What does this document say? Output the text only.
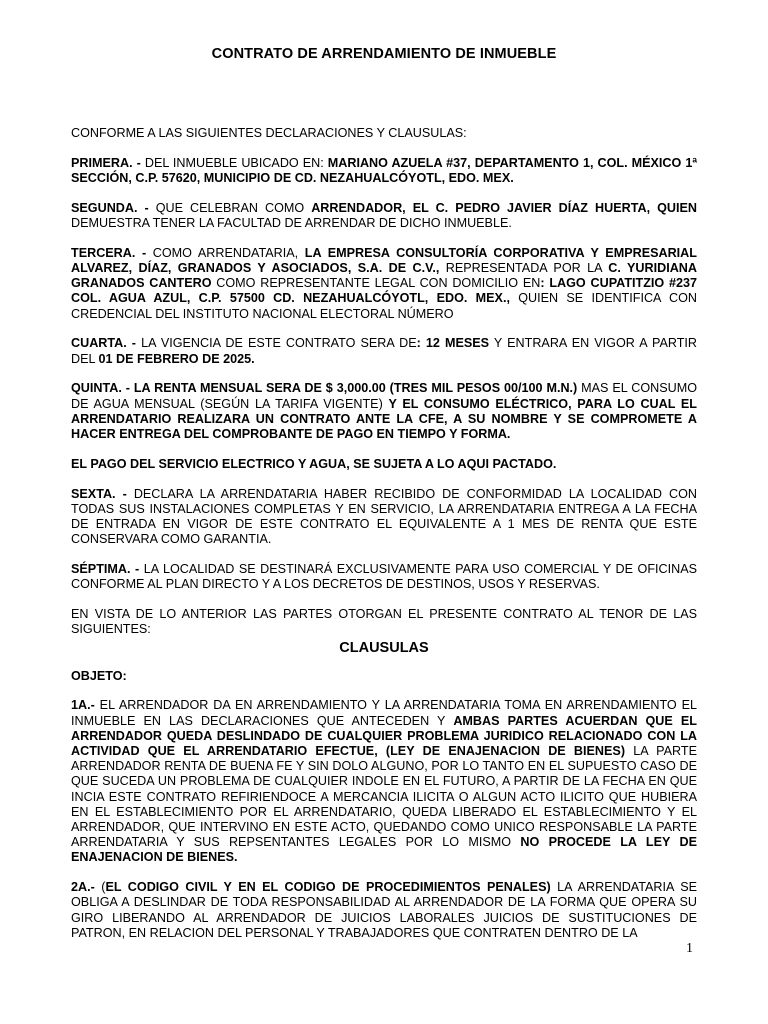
CONTRATO DE ARRENDAMIENTO DE INMUEBLE

CONFORME A LAS SIGUIENTES DECLARACIONES Y CLAUSULAS:

PRIMERA. - DEL INMUEBLE UBICADO EN: MARIANO AZUELA #37, DEPARTAMENTO 1, COL. MÉXICO 1ª SECCIÓN, C.P. 57620, MUNICIPIO DE CD. NEZAHUALCÓYOTL, EDO. MEX.

SEGUNDA. - QUE CELEBRAN COMO ARRENDADOR, EL C. PEDRO JAVIER DÍAZ HUERTA, QUIEN DEMUESTRA TENER LA FACULTAD DE ARRENDAR DE DICHO INMUEBLE.

TERCERA. - COMO ARRENDATARIA, LA EMPRESA CONSULTORÍA CORPORATIVA Y EMPRESARIAL ALVAREZ, DÍAZ, GRANADOS Y ASOCIADOS, S.A. DE C.V., REPRESENTADA POR LA C. YURIDIANA GRANADOS CANTERO COMO REPRESENTANTE LEGAL CON DOMICILIO EN: LAGO CUPATITZIO #237 COL. AGUA AZUL, C.P. 57500 CD. NEZAHUALCÓYOTL, EDO. MEX., QUIEN SE IDENTIFICA CON CREDENCIAL DEL INSTITUTO NACIONAL ELECTORAL NÚMERO

CUARTA. - LA VIGENCIA DE ESTE CONTRATO SERA DE: 12 MESES Y ENTRARA EN VIGOR A PARTIR DEL 01 DE FEBRERO DE 2025.

QUINTA. - LA RENTA MENSUAL SERA DE $ 3,000.00 (TRES MIL PESOS 00/100 M.N.) MAS EL CONSUMO DE AGUA MENSUAL (SEGÚN LA TARIFA VIGENTE) Y EL CONSUMO ELÉCTRICO, PARA LO CUAL EL ARRENDATARIO REALIZARA UN CONTRATO ANTE LA CFE, A SU NOMBRE Y SE COMPROMETE A HACER ENTREGA DEL COMPROBANTE DE PAGO EN TIEMPO Y FORMA.

EL PAGO DEL SERVICIO ELECTRICO Y AGUA, SE SUJETA A LO AQUI PACTADO.

SEXTA. - DECLARA LA ARRENDATARIA HABER RECIBIDO DE CONFORMIDAD LA LOCALIDAD CON TODAS SUS INSTALACIONES COMPLETAS Y EN SERVICIO, LA ARRENDATARIA ENTREGA A LA FECHA DE ENTRADA EN VIGOR DE ESTE CONTRATO EL EQUIVALENTE A 1 MES DE RENTA QUE ESTE CONSERVARA COMO GARANTIA.

SÉPTIMA. - LA LOCALIDAD SE DESTINARÁ EXCLUSIVAMENTE PARA USO COMERCIAL Y DE OFICINAS CONFORME AL PLAN DIRECTO Y A LOS DECRETOS DE DESTINOS, USOS Y RESERVAS.

EN VISTA DE LO ANTERIOR LAS PARTES OTORGAN EL PRESENTE CONTRATO AL TENOR DE LAS SIGUIENTES:

CLAUSULAS

OBJETO:

1A.- EL ARRENDADOR DA EN ARRENDAMIENTO Y LA ARRENDATARIA TOMA EN ARRENDAMIENTO EL INMUEBLE EN LAS DECLARACIONES QUE ANTECEDEN Y AMBAS PARTES ACUERDAN QUE EL ARRENDADOR QUEDA DESLINDADO DE CUALQUIER PROBLEMA JURIDICO RELACIONADO CON LA ACTIVIDAD QUE EL ARRENDATARIO EFECTUE, (LEY DE ENAJENACION DE BIENES) LA PARTE ARRENDADOR RENTA DE BUENA FE Y SIN DOLO ALGUNO, POR LO TANTO EN EL SUPUESTO CASO DE QUE SUCEDA UN PROBLEMA DE CUALQUIER INDOLE EN EL FUTURO, A PARTIR DE LA FECHA EN QUE INCIA ESTE CONTRATO REFIRIENDOCE A MERCANCIA ILICITA O ALGUN ACTO ILICITO QUE HUBIERA EN EL ESTABLECIMIENTO POR EL ARRENDATARIO, QUEDA LIBERADO EL ESTABLECIMIENTO Y EL ARRENDADOR, QUE INTERVINO EN ESTE ACTO, QUEDANDO COMO UNICO RESPONSABLE LA PARTE ARRENDATARIA Y SUS REPSENTANTES LEGALES POR LO MISMO NO PROCEDE LA LEY DE ENAJENACION DE BIENES.

2A.- (EL CODIGO CIVIL Y EN EL CODIGO DE PROCEDIMIENTOS PENALES) LA ARRENDATARIA SE OBLIGA A DESLINDAR DE TODA RESPONSABILIDAD AL ARRENDADOR DE LA FORMA QUE OPERA SU GIRO LIBERANDO AL ARRENDADOR DE JUICIOS LABORALES JUICIOS DE SUSTITUCIONES DE PATRON, EN RELACION DEL PERSONAL Y TRABAJADORES QUE CONTRATEN DENTRO DE LA

1
